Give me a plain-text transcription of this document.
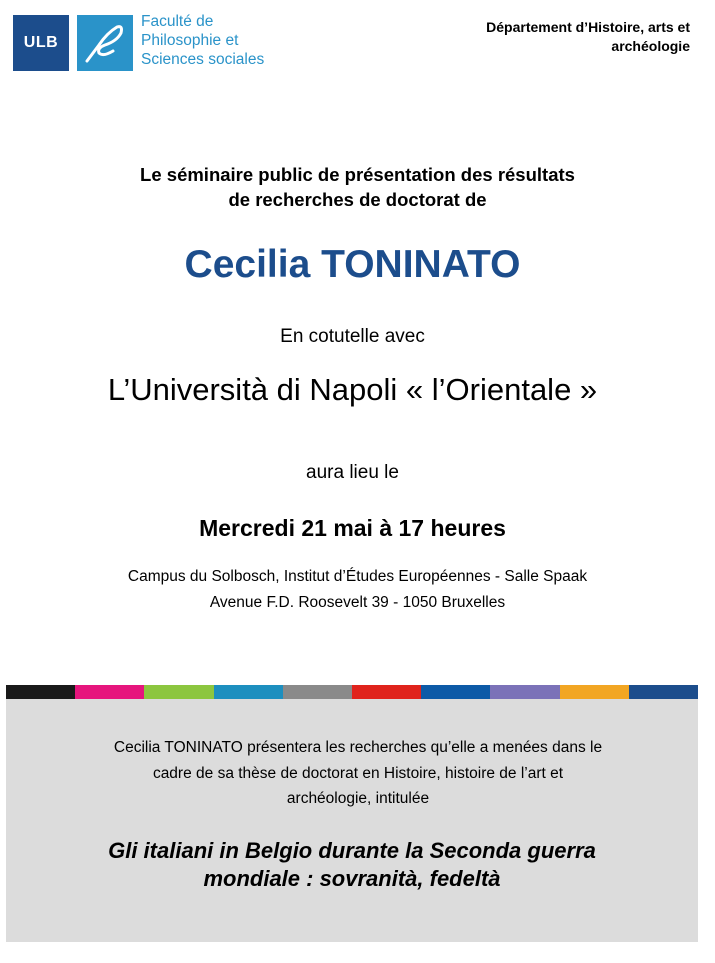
ULB
Faculté de
Philosophie et
Sciences sociales
Département d’Histoire, arts et
archéologie
Le séminaire public de présentation des résultats
de recherches de doctorat de
Cecilia TONINATO
En cotutelle avec
L’Università di Napoli « l’Orientale »
aura lieu le
Mercredi 21 mai à 17 heures
Campus du Solbosch, Institut d’Études Européennes - Salle Spaak
Avenue F.D. Roosevelt 39 - 1050 Bruxelles
Cecilia TONINATO présentera les recherches qu’elle a menées dans le
cadre de sa thèse de doctorat en Histoire, histoire de l’art et
archéologie, intitulée
Gli italiani in Belgio durante la Seconda guerra
mondiale : sovranità, fedeltà
